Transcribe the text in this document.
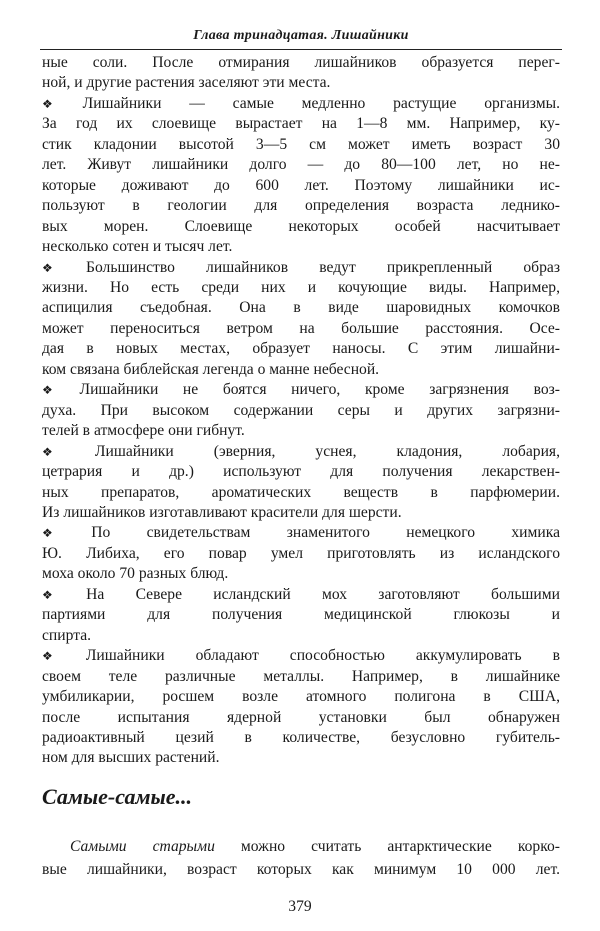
Глава тринадцатая. Лишайники
ные соли. После отмирания лишайников образуется перег-
ной, и другие растения заселяют эти места.
❖ Лишайники — самые медленно растущие организмы.
За год их слоевище вырастает на 1—8 мм. Например, ку-
стик кладонии высотой 3—5 см может иметь возраст 30
лет. Живут лишайники долго — до 80—100 лет, но не-
которые доживают до 600 лет. Поэтому лишайники ис-
пользуют в геологии для определения возраста леднико-
вых морен. Слоевище некоторых особей насчитывает
несколько сотен и тысяч лет.
❖ Большинство лишайников ведут прикрепленный образ
жизни. Но есть среди них и кочующие виды. Например,
аспицилия съедобная. Она в виде шаровидных комочков
может переноситься ветром на большие расстояния. Осе-
дая в новых местах, образует наносы. С этим лишайни-
ком связана библейская легенда о манне небесной.
❖ Лишайники не боятся ничего, кроме загрязнения воз-
духа. При высоком содержании серы и других загрязни-
телей в атмосфере они гибнут.
❖ Лишайники (эверния, уснея, кладония, лобария,
цетрария и др.) используют для получения лекарствен-
ных препаратов, ароматических веществ в парфюмерии.
Из лишайников изготавливают красители для шерсти.
❖ По свидетельствам знаменитого немецкого химика
Ю. Либиха, его повар умел приготовлять из исландского
моха около 70 разных блюд.
❖ На Севере исландский мох заготовляют большими
партиями для получения медицинской глюкозы и
спирта.
❖ Лишайники обладают способностью аккумулировать в
своем теле различные металлы. Например, в лишайнике
умбиликарии, росшем возле атомного полигона в США,
после испытания ядерной установки был обнаружен
радиоактивный цезий в количестве, безусловно губитель-
ном для высших растений.
Самые-самые...
Самыми старыми можно считать антарктические корко-
вые лишайники, возраст которых как минимум 10 000 лет.
379
